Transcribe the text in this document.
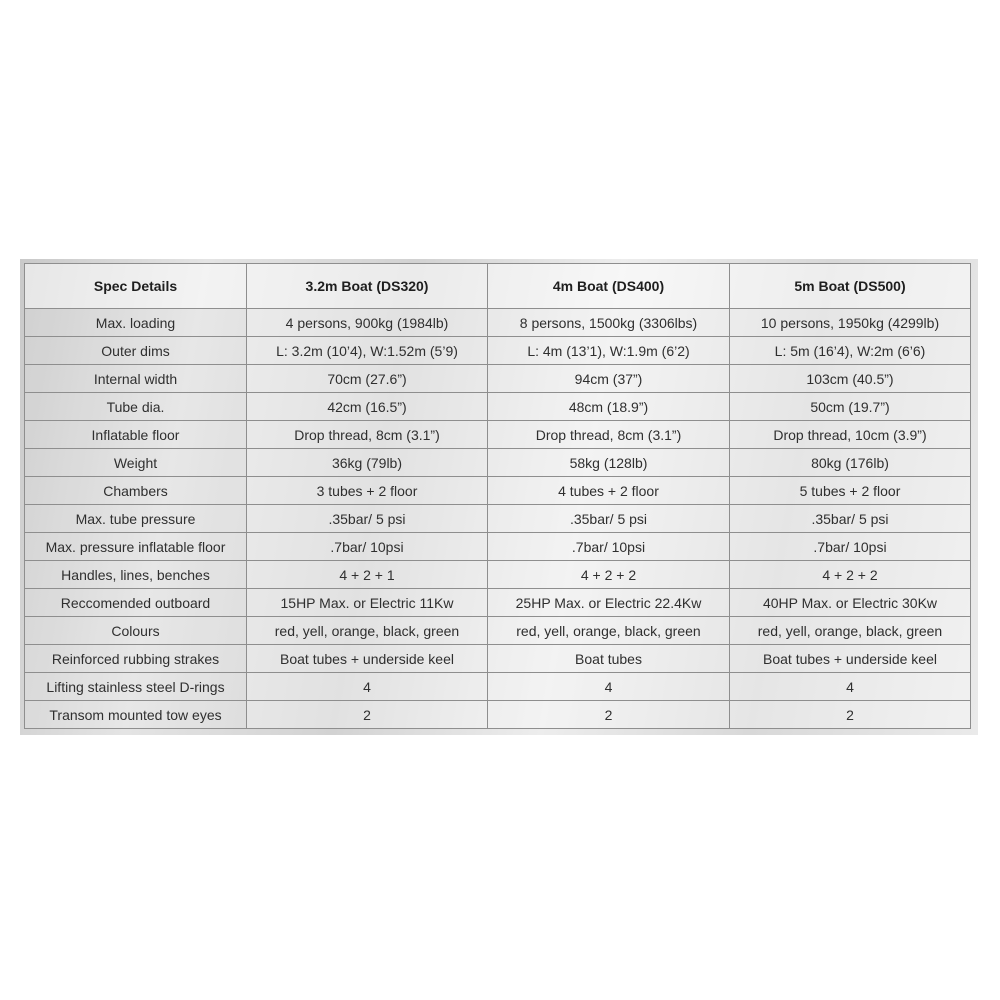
Spec Details	3.2m Boat (DS320)	4m Boat (DS400)	5m Boat (DS500)
Max. loading	4 persons, 900kg (1984lb)	8 persons, 1500kg (3306lbs)	10 persons, 1950kg (4299lb)
Outer dims	L: 3.2m (10’4), W:1.52m (5’9)	L: 4m (13’1), W:1.9m (6’2)	L: 5m (16’4), W:2m (6’6)
Internal width	70cm (27.6”)	94cm (37”)	103cm (40.5”)
Tube dia.	42cm (16.5”)	48cm (18.9”)	50cm (19.7”)
Inflatable floor	Drop thread, 8cm (3.1”)	Drop thread, 8cm (3.1”)	Drop thread, 10cm (3.9”)
Weight	36kg (79lb)	58kg (128lb)	80kg (176lb)
Chambers	3 tubes + 2 floor	4 tubes + 2 floor	5 tubes + 2 floor
Max. tube pressure	.35bar/ 5 psi	.35bar/ 5 psi	.35bar/ 5 psi
Max. pressure inflatable floor	.7bar/ 10psi	.7bar/ 10psi	.7bar/ 10psi
Handles, lines, benches	4 + 2 + 1	4 + 2 + 2	4 + 2 + 2
Reccomended outboard	15HP Max. or Electric 11Kw	25HP Max. or Electric 22.4Kw	40HP Max. or Electric 30Kw
Colours	red, yell, orange, black, green	red, yell, orange, black, green	red, yell, orange, black, green
Reinforced rubbing strakes	Boat tubes + underside keel	Boat tubes	Boat tubes + underside keel
Lifting stainless steel D-rings	4	4	4
Transom mounted tow eyes	2	2	2
